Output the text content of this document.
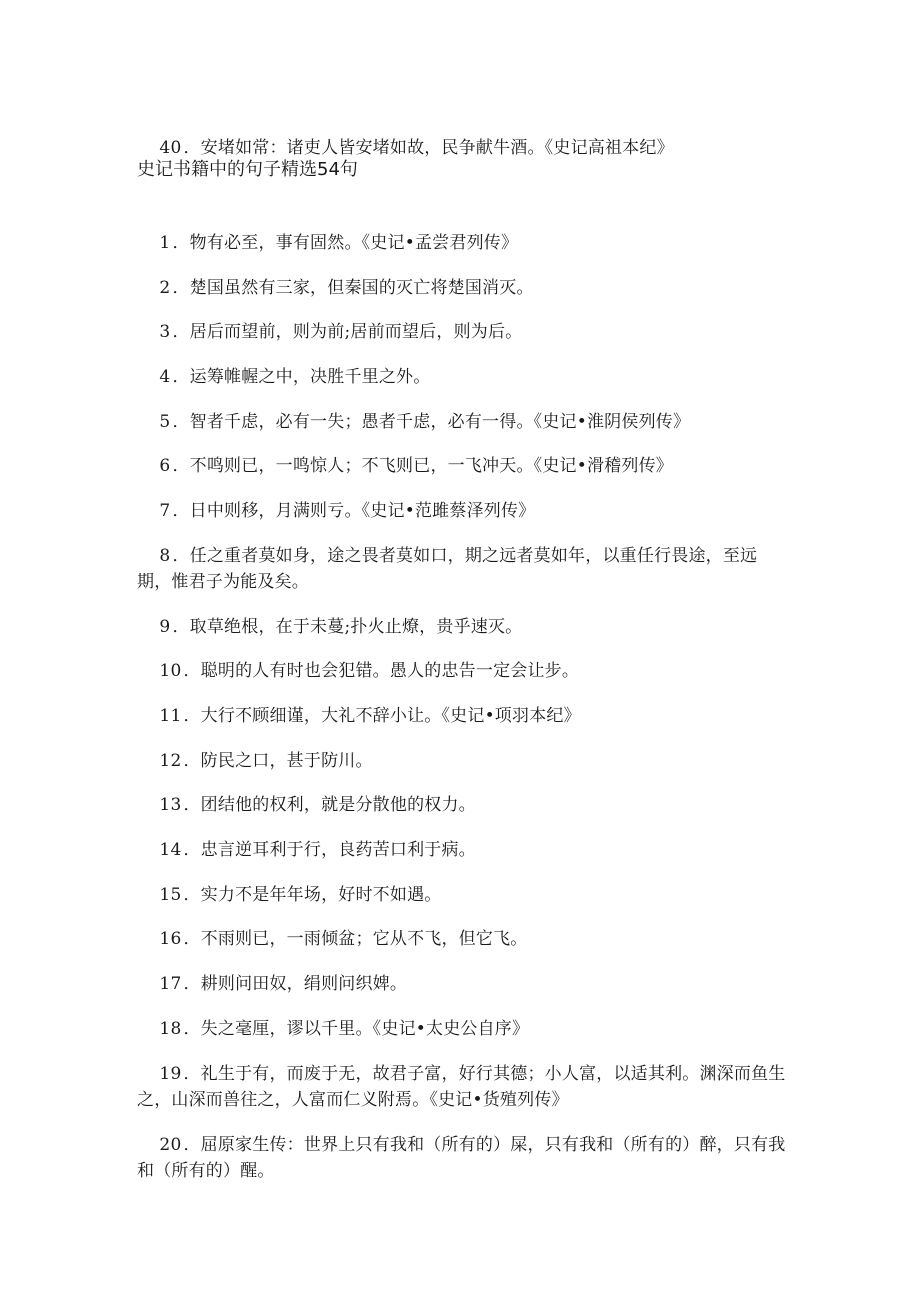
40 ．安堵如常：诸吏人皆安堵如故，民争献牛酒。《史记高祖本纪》

史记书籍中的句子精选54句

1 ．物有必至，事有固然。《史记•孟尝君列传》

2 ．楚国虽然有三家，但秦国的灭亡将楚国消灭。

3 ．居后而望前，则为前;居前而望后，则为后。

4 ．运筹帷幄之中，决胜千里之外。

5 ．智者千虑，必有一失；愚者千虑，必有一得。《史记•淮阴侯列传》

6 ．不鸣则已，一鸣惊人；不飞则已，一飞冲天。《史记•滑稽列传》

7 ．日中则移，月满则亏。《史记•范雎蔡泽列传》

8 ．任之重者莫如身，途之畏者莫如口，期之远者莫如年，以重任行畏途，至远期，惟君子为能及矣。

9 ．取草绝根，在于未蔓;扑火止燎，贵乎速灭。

10 ．聪明的人有时也会犯错。愚人的忠告一定会让步。

11 ．大行不顾细谨，大礼不辞小让。《史记•项羽本纪》

12 ．防民之口，甚于防川。

13 ．团结他的权利，就是分散他的权力。

14 ．忠言逆耳利于行，良药苦口利于病。

15 ．实力不是年年场，好时不如遇。

16 ．不雨则已，一雨倾盆；它从不飞，但它飞。

17 ．耕则问田奴，绢则问织婢。

18 ．失之毫厘，谬以千里。《史记•太史公自序》

19 ．礼生于有，而废于无，故君子富，好行其德；小人富，以适其利。渊深而鱼生之，山深而兽往之，人富而仁义附焉。《史记•货殖列传》

20 ．屈原家生传：世界上只有我和（所有的）屎，只有我和（所有的）醉，只有我和（所有的）醒。
